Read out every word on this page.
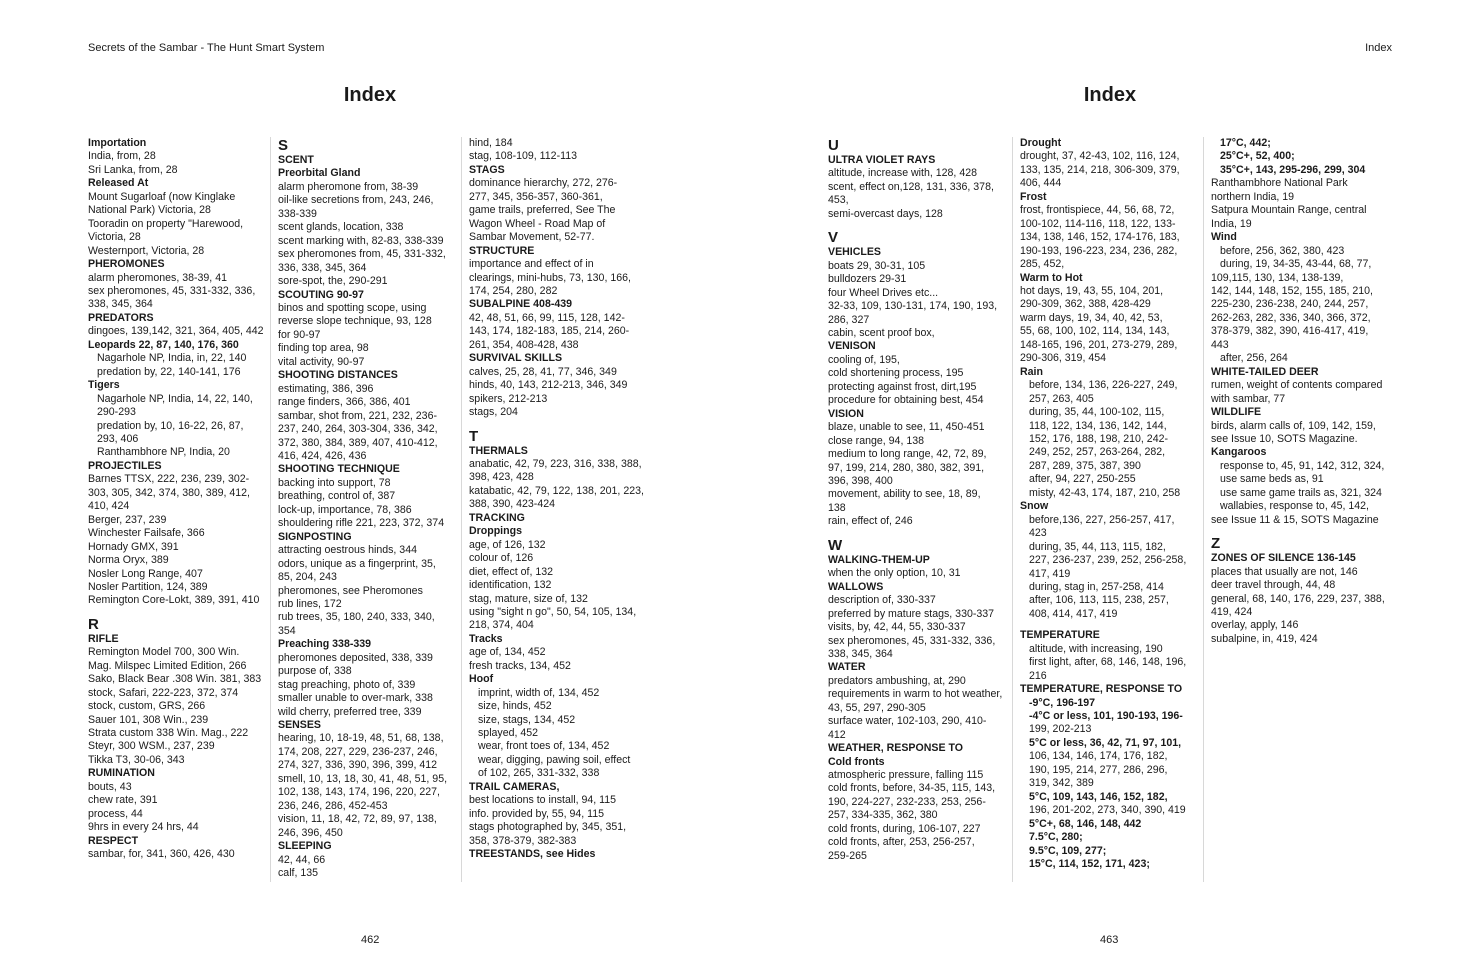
Secrets of the Sambar - The Hunt Smart System
Index
Importation
India, from, 28
Sri Lanka, from, 28
Released At
Mount Sugarloaf (now Kinglake
National Park) Victoria, 28
Tooradin on property "Harewood,
Victoria, 28
Westernport, Victoria, 28
PHEROMONES
alarm pheromones, 38-39, 41
sex pheromones, 45, 331-332, 336,
338, 345, 364
PREDATORS
dingoes, 139,142, 321, 364, 405, 442
Leopards 22, 87, 140, 176, 360
Nagarhole NP, India, in, 22, 140
predation by, 22, 140-141, 176
Tigers
Nagarhole NP, India, 14, 22, 140,
290-293
predation by, 10, 16-22, 26, 87,
293, 406
Ranthambhore NP, India, 20
PROJECTILES
Barnes TTSX, 222, 236, 239, 302-
303, 305, 342, 374, 380, 389, 412,
410, 424
Berger, 237, 239
Winchester Failsafe, 366
Hornady GMX, 391
Norma Oryx, 389
Nosler Long Range, 407
Nosler Partition, 124, 389
Remington Core-Lokt, 389, 391, 410
R
RIFLE
Remington Model 700, 300 Win.
Mag. Milspec Limited Edition, 266
Sako, Black Bear .308 Win. 381, 383
stock, Safari, 222-223, 372, 374
stock, custom, GRS, 266
Sauer 101, 308 Win., 239
Strata custom 338 Win. Mag., 222
Steyr, 300 WSM., 237, 239
Tikka T3, 30-06, 343
RUMINATION
bouts, 43
chew rate, 391
process, 44
9hrs in every 24 hrs, 44
RESPECT
sambar, for, 341, 360, 426, 430
S
SCENT
Preorbital Gland
alarm pheromone from, 38-39
oil-like secretions from, 243, 246,
338-339
scent glands, location, 338
scent marking with, 82-83, 338-339
sex pheromones from, 45, 331-332,
336, 338, 345, 364
sore-spot, the, 290-291
SCOUTING 90-97
binos and spotting scope, using
reverse slope technique, 93, 128
for 90-97
finding top area, 98
vital activity, 90-97
SHOOTING DISTANCES
estimating, 386, 396
range finders, 366, 386, 401
sambar, shot from, 221, 232, 236-
237, 240, 264, 303-304, 336, 342,
372, 380, 384, 389, 407, 410-412,
416, 424, 426, 436
SHOOTING TECHNIQUE
backing into support, 78
breathing, control of, 387
lock-up, importance, 78, 386
shouldering rifle 221, 223, 372, 374
SIGNPOSTING
attracting oestrous hinds, 344
odors, unique as a fingerprint, 35,
85, 204, 243
pheromones, see Pheromones
rub lines, 172
rub trees, 35, 180, 240, 333, 340,
354
Preaching 338-339
pheromones deposited, 338, 339
purpose of, 338
stag preaching, photo of, 339
smaller unable to over-mark, 338
wild cherry, preferred tree, 339
SENSES
hearing, 10, 18-19, 48, 51, 68, 138,
174, 208, 227, 229, 236-237, 246,
274, 327, 336, 390, 396, 399, 412
smell, 10, 13, 18, 30, 41, 48, 51, 95,
102, 138, 143, 174, 196, 220, 227,
236, 246, 286, 452-453
vision, 11, 18, 42, 72, 89, 97, 138,
246, 396, 450
SLEEPING
42, 44, 66
calf, 135
hind, 184
stag, 108-109, 112-113
STAGS
dominance hierarchy, 272, 276-
277, 345, 356-357, 360-361,
game trails, preferred, See The
Wagon Wheel - Road Map of
Sambar Movement, 52-77.
STRUCTURE
importance and effect of in
clearings, mini-hubs, 73, 130, 166,
174, 254, 280, 282
SUBALPINE 408-439
42, 48, 51, 66, 99, 115, 128, 142-
143, 174, 182-183, 185, 214, 260-
261, 354, 408-428, 438
SURVIVAL SKILLS
calves, 25, 28, 41, 77, 346, 349
hinds, 40, 143, 212-213, 346, 349
spikers, 212-213
stags, 204
T
THERMALS
anabatic, 42, 79, 223, 316, 338, 388,
398, 423, 428
katabatic, 42, 79, 122, 138, 201, 223,
388, 390, 423-424
TRACKING
Droppings
age, of 126, 132
colour of, 126
diet, effect of, 132
identification, 132
stag, mature, size of, 132
using "sight n go", 50, 54, 105, 134,
218, 374, 404
Tracks
age of, 134, 452
fresh tracks, 134, 452
Hoof
imprint, width of, 134, 452
size, hinds, 452
size, stags, 134, 452
splayed, 452
wear, front toes of, 134, 452
wear, digging, pawing soil, effect
of 102, 265, 331-332, 338
TRAIL CAMERAS,
best locations to install, 94, 115
info. provided by, 55, 94, 115
stags photographed by, 345, 351,
358, 378-379, 382-383
TREESTANDS, see Hides
462
Index
Index
U
ULTRA VIOLET RAYS
altitude, increase with, 128, 428
scent, effect on,128, 131, 336, 378,
453,
semi-overcast days, 128
V
VEHICLES
boats 29, 30-31, 105
bulldozers 29-31
four Wheel Drives etc...
32-33, 109, 130-131, 174, 190, 193,
286, 327
cabin, scent proof box,
VENISON
cooling of, 195,
cold shortening process, 195
protecting against frost, dirt,195
procedure for obtaining best, 454
VISION
blaze, unable to see, 11, 450-451
close range, 94, 138
medium to long range, 42, 72, 89,
97, 199, 214, 280, 380, 382, 391,
396, 398, 400
movement, ability to see, 18, 89,
138
rain, effect of, 246
W
WALKING-THEM-UP
when the only option, 10, 31
WALLOWS
description of, 330-337
preferred by mature stags, 330-337
visits, by, 42, 44, 55, 330-337
sex pheromones, 45, 331-332, 336,
338, 345, 364
WATER
predators ambushing, at, 290
requirements in warm to hot weather,
43, 55, 297, 290-305
surface water, 102-103, 290, 410-
412
WEATHER, RESPONSE TO
Cold fronts
atmospheric pressure, falling 115
cold fronts, before, 34-35, 115, 143,
190, 224-227, 232-233, 253, 256-
257, 334-335, 362, 380
cold fronts, during, 106-107, 227
cold fronts, after, 253, 256-257,
259-265
Drought
drought, 37, 42-43, 102, 116, 124,
133, 135, 214, 218, 306-309, 379,
406, 444
Frost
frost, frontispiece, 44, 56, 68, 72,
100-102, 114-116, 118, 122, 133-
134, 138, 146, 152, 174-176, 183,
190-193, 196-223, 234, 236, 282,
285, 452,
Warm to Hot
hot days, 19, 43, 55, 104, 201,
290-309, 362, 388, 428-429
warm days, 19, 34, 40, 42, 53,
55, 68, 100, 102, 114, 134, 143,
148-165, 196, 201, 273-279, 289,
290-306, 319, 454
Rain
before, 134, 136, 226-227, 249,
257, 263, 405
during, 35, 44, 100-102, 115,
118, 122, 134, 136, 142, 144,
152, 176, 188, 198, 210, 242-
249, 252, 257, 263-264, 282,
287, 289, 375, 387, 390
after, 94, 227, 250-255
misty, 42-43, 174, 187, 210, 258
Snow
before,136, 227, 256-257, 417,
423
during, 35, 44, 113, 115, 182,
227, 236-237, 239, 252, 256-258,
417, 419
during, stag in, 257-258, 414
after, 106, 113, 115, 238, 257,
408, 414, 417, 419
TEMPERATURE
altitude, with increasing, 190
first light, after, 68, 146, 148, 196,
216
TEMPERATURE, RESPONSE TO
-9°C, 196-197
-4°C or less, 101, 190-193, 196-
199, 202-213
5°C or less, 36, 42, 71, 97, 101,
106, 134, 146, 174, 176, 182,
190, 195, 214, 277, 286, 296,
319, 342, 389
5°C, 109, 143, 146, 152, 182,
196, 201-202, 273, 340, 390, 419
5°C+, 68, 146, 148, 442
7.5°C, 280;
9.5°C, 109, 277;
15°C, 114, 152, 171, 423;
17°C, 442;
25°C+, 52, 400;
35°C+, 143, 295-296, 299, 304
Ranthambhore National Park
northern India, 19
Satpura Mountain Range, central
India, 19
Wind
before, 256, 362, 380, 423
during, 19, 34-35, 43-44, 68, 77,
109,115, 130, 134, 138-139,
142, 144, 148, 152, 155, 185, 210,
225-230, 236-238, 240, 244, 257,
262-263, 282, 336, 340, 366, 372,
378-379, 382, 390, 416-417, 419,
443
after, 256, 264
WHITE-TAILED DEER
rumen, weight of contents compared
with sambar, 77
WILDLIFE
birds, alarm calls of, 109, 142, 159,
see Issue 10, SOTS Magazine.
Kangaroos
response to, 45, 91, 142, 312, 324,
use same beds as, 91
use same game trails as, 321, 324
wallabies, response to, 45, 142,
see Issue 11 & 15, SOTS Magazine
Z
ZONES OF SILENCE 136-145
places that usually are not, 146
deer travel through, 44, 48
general, 68, 140, 176, 229, 237, 388,
419, 424
overlay, apply, 146
subalpine, in, 419, 424
463
